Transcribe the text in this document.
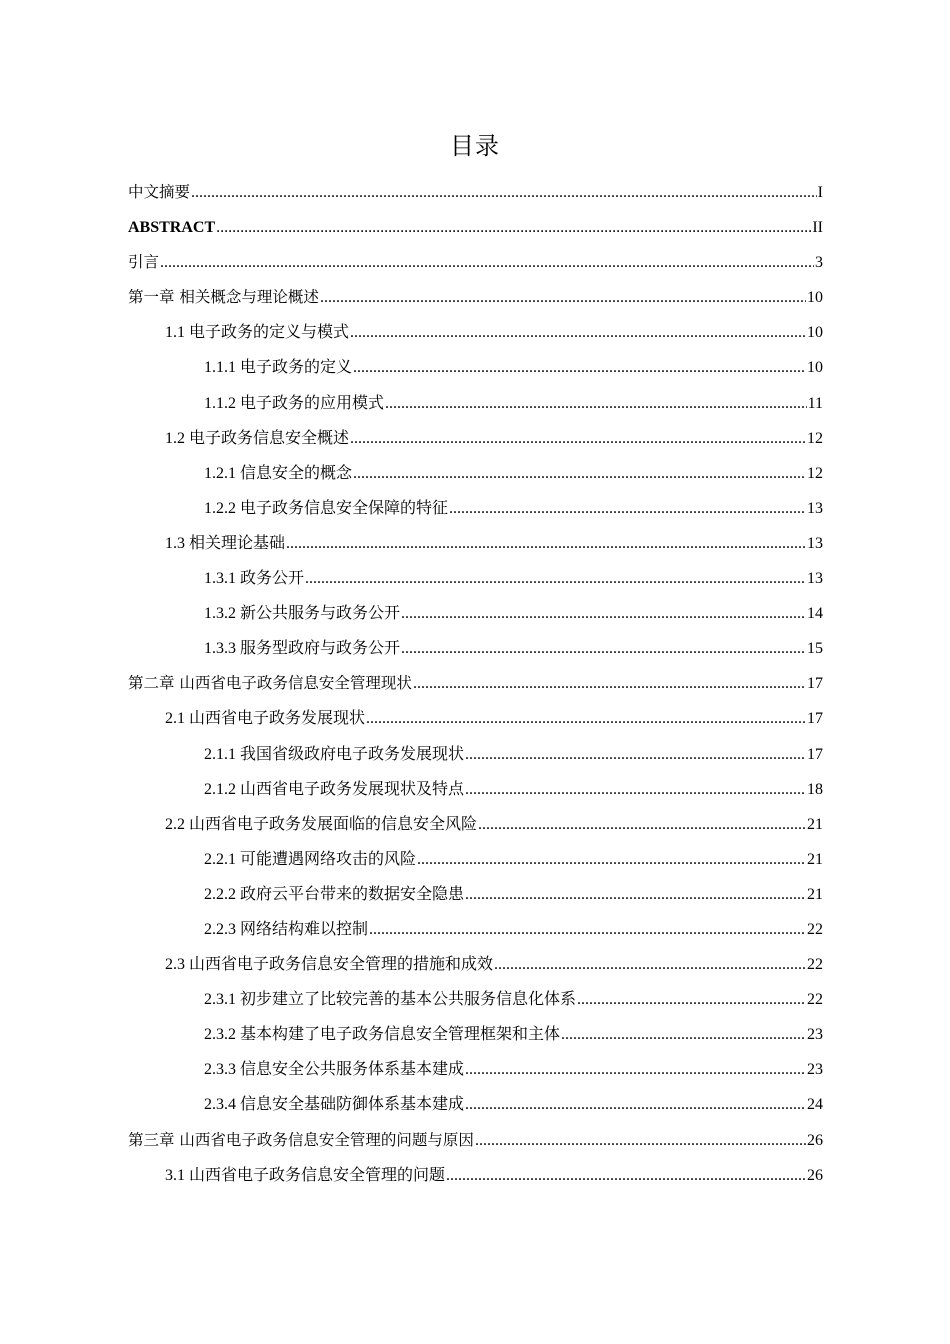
目录
中文摘要 .....	I
ABSTRACT .....	II
引言 .....	3
第一章 相关概念与理论概述 .....	10
1.1 电子政务的定义与模式 .....	10
1.1.1 电子政务的定义 .....	10
1.1.2 电子政务的应用模式 .....	11
1.2 电子政务信息安全概述 .....	12
1.2.1 信息安全的概念 .....	12
1.2.2 电子政务信息安全保障的特征 .....	13
1.3 相关理论基础 .....	13
1.3.1 政务公开 .....	13
1.3.2 新公共服务与政务公开 .....	14
1.3.3 服务型政府与政务公开 .....	15
第二章 山西省电子政务信息安全管理现状 .....	17
2.1 山西省电子政务发展现状 .....	17
2.1.1 我国省级政府电子政务发展现状 .....	17
2.1.2 山西省电子政务发展现状及特点 .....	18
2.2 山西省电子政务发展面临的信息安全风险 .....	21
2.2.1 可能遭遇网络攻击的风险 .....	21
2.2.2 政府云平台带来的数据安全隐患 .....	21
2.2.3 网络结构难以控制 .....	22
2.3 山西省电子政务信息安全管理的措施和成效 .....	22
2.3.1 初步建立了比较完善的基本公共服务信息化体系 .....	22
2.3.2 基本构建了电子政务信息安全管理框架和主体 .....	23
2.3.3 信息安全公共服务体系基本建成 .....	23
2.3.4 信息安全基础防御体系基本建成 .....	24
第三章 山西省电子政务信息安全管理的问题与原因 .....	26
3.1 山西省电子政务信息安全管理的问题 .....	26
